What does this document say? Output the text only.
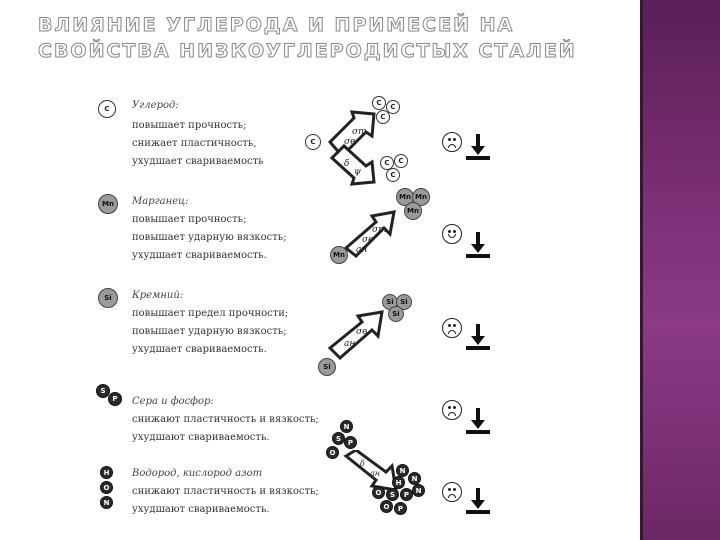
ВЛИЯНИЕ УГЛЕРОДА И ПРИМЕСЕЙ НА
СВОЙСТВА НИЗКОУГЛЕРОДИСТЫХ СТАЛЕЙ
C Углерод:
повышает прочность;
снижает пластичность,
ухудшает свариваемость
C
σт
σв
δ
ψ
C C
C
C C
C
Mn Марганец:
повышает прочность;
повышает ударную вязкость;
ухудшает свариваемость.
Mn Mn
Mn
σт
σв
aн
Mn
Si Кремний:
повышает предел прочности;
повышает ударную вязкость;
ухудшает свариваемость.
Si Si
Si
σв
aн
Si
S
P Сера и фосфор:
снижают пластичность и вязкость;
ухудшают свариваемость.
N
S P
O
H
O
N
Водород, кислород азот
снижают пластичность и вязкость;
ухудшают свариваемость.
δ
aн	N
N
H
O S P N
O P
